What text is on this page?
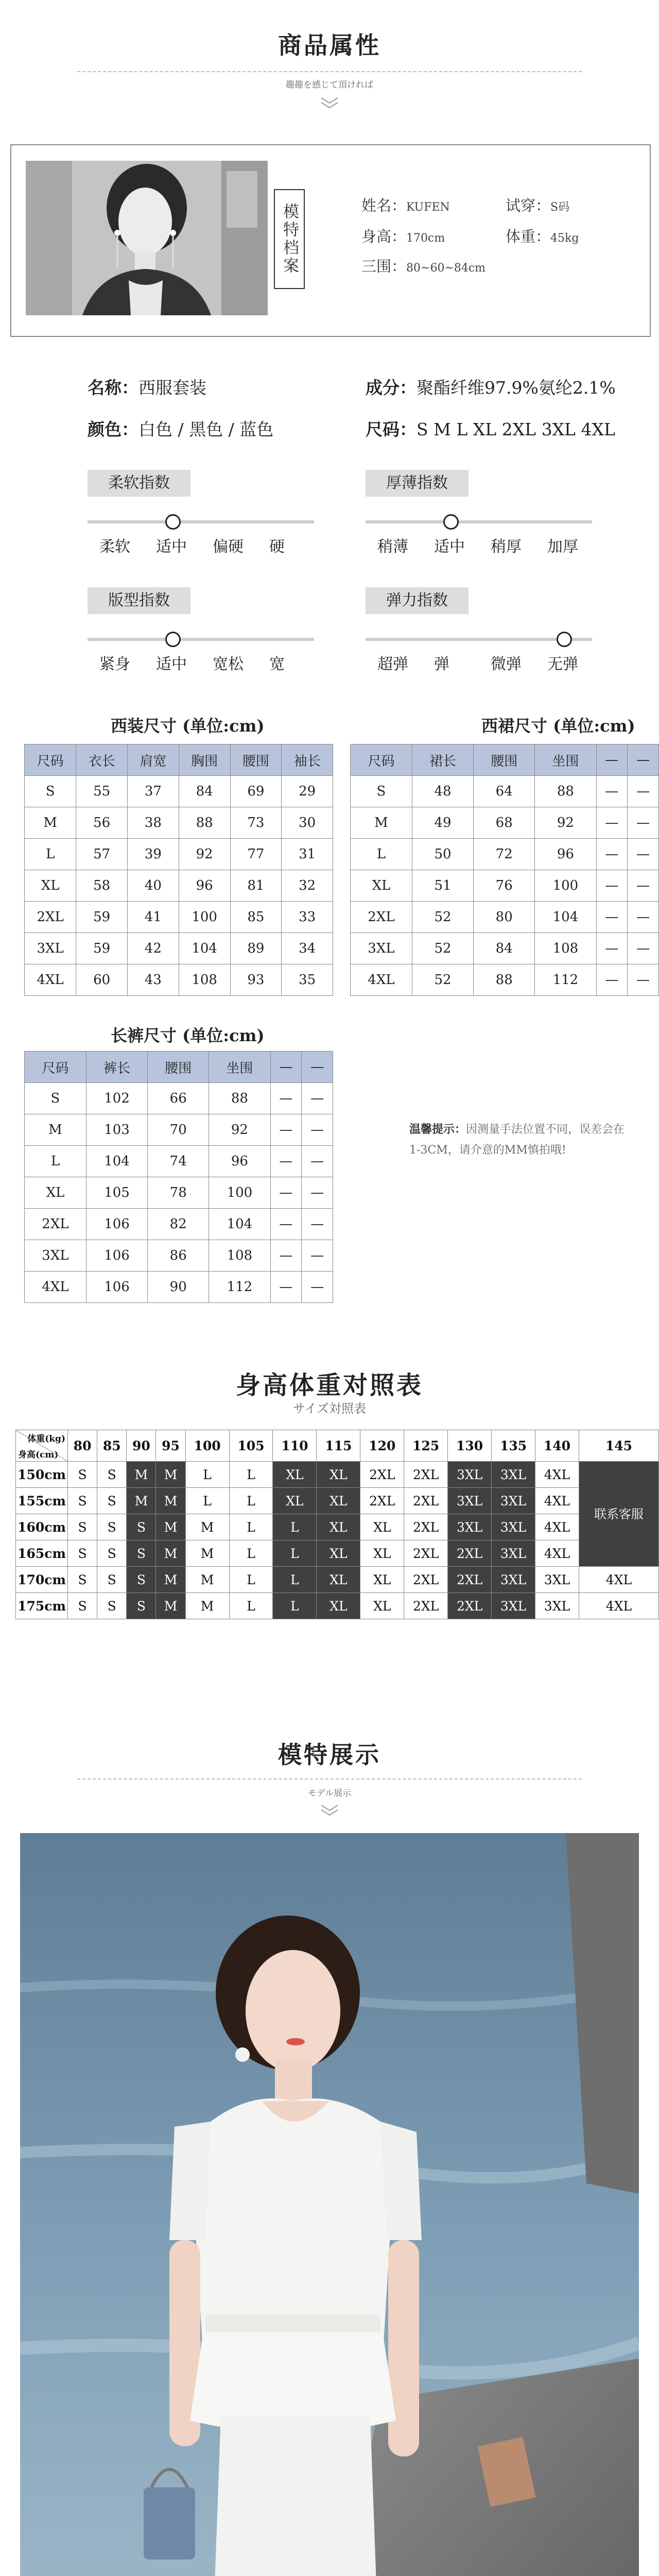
商品属性
趣趣を感じて頂ければ
模特档案	姓名：KUFEN	试穿：S码
身高：170cm	体重：45kg
三围：80~60~84cm
名称：西服套装	成分：聚酯纤维97.9%氨纶2.1%
颜色：白色 / 黑色 / 蓝色	尺码：S M L XL 2XL 3XL 4XL
柔软指数	厚薄指数
版型指数	弹力指数
柔软 适中 偏硬 硬	稍薄 适中 稍厚 加厚
紧身 适中 宽松 宽	超弹 弹	微弹 无弹
西装尺寸 (单位:cm)	西裙尺寸 (单位:cm)
长裤尺寸 (单位:cm)
尺码	衣长	肩宽	胸围	腰围	袖长
S	55	37	84	69	29
M	56	38	88	73	30
L	57	39	92	77	31
XL	58	40	96	81	32
2XL	59	41	100	85	33
3XL	59	42	104	89	34
4XL	60	43	108	93	35
尺码	裙长	腰围	坐围	—	—
S	48	64	88	—	—
M	49	68	92	—	—
L	50	72	96	—	—
XL	51	76	100	—	—
2XL	52	80	104	—	—
3XL	52	84	108	—	—
4XL	52	88	112	—	—
尺码	裤长	腰围	坐围	—	—
S	102	66	88	—	—
M	103	70	92	—	—
L	104	74	96	—	—
XL	105	78	100	—	—
2XL	106	82	104	—	—
3XL	106	86	108	—	—
4XL	106	90	112	—	—
温馨提示：因测量手法位置不同，误差会在1-3CM，请介意的MM慎拍哦!
身高体重对照表
サイズ対照表
体重(kg)
身高(cm)	80	85	90	95	100	105	110	115	120	125	130	135	140	145
150cm	S	S	M	M	L	L	XL	XL	2XL	2XL	3XL	3XL	4XL	联系客服
155cm	S	S	M	M	L	L	XL	XL	2XL	2XL	3XL	3XL	4XL	
160cm	S	S	S	M	M	L	L	XL	XL	2XL	3XL	3XL	4XL	
165cm	S	S	S	M	M	L	L	XL	XL	2XL	2XL	3XL	4XL	
170cm	S	S	S	M	M	L	L	XL	XL	2XL	2XL	3XL	3XL	4XL
175cm	S	S	S	M	M	L	L	XL	XL	2XL	2XL	3XL	3XL	4XL
模特展示
モデル展示
